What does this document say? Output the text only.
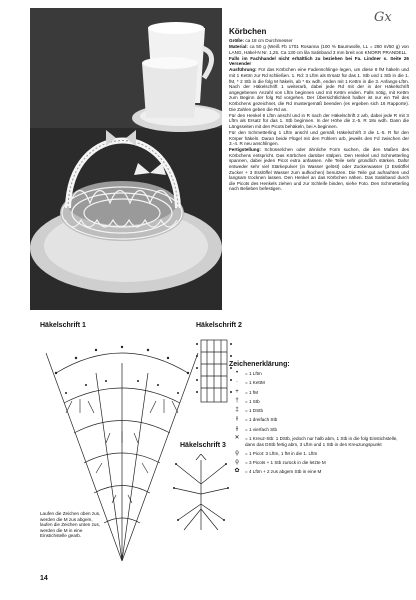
Gx
Körbchen
Größe: ca 18 cm Durchmesser
Material: ca 50 g (Weiß Fb 1701 Rosanna (100 % Baumwolle, LL = 280 m/50 g) von LANG, Häkel-N Nr. 1,25. Ca 130 cm lila Satinband 3 mm breit von KNORR PRANDELL
Falls im Fachhandel nicht erhältlich zu beziehen bei Fa. Lindner s. Seite 26 Versender
Ausführung: Für das Körbchen eine Fadenschlinge legen, um diese 8 fM häkeln und mit 1 Kettm zur Rd schließen. 1. Rd: 3 Lftm als Ersatz für das 1. Stb und 1 Stb in die 1. fM, * 2 Stb in die folg M häkeln, ab * 6x wdh, enden mit 1 Kettm in die 3. Anfangs-Lftm. Nach der Häkelschrift 1 weiterarb, dabei jede Rd mit der in der Häkelschrift angegebenen Anzahl von Lftm beginnen und mit Kettm enden. Falls nötig, mit Kettm zum Beginn der folg Rd vorgehen. Der Übersichtlichkeit halber ist nur ein Teil des Körbchens gezeichnet, die Rd mustergemäß beenden (es ergeben sich 16 Rapporte). Die Zahlen geben die Rd an.
Für den Henkel 8 Lftm anschl und in R nach der Häkelschrift 2 arb, dabei jede R mit 3 Lftm als Ersatz für das 1. Stb beginnen. In der Höhe die 2.-5. R 18x wdh. Dann die Längsseiten mit den Picots behäkeln, bei A beginnen.
Für den Schmetterling 1 Lftm anschl und gemäß Häkelschrift 3 die 1.-5. R für den Körper häkeln. Daran beide Flügel mit den Fühlern arb, jeweils den Fd zwischen der 3.-4. R neu anschlingen.
Fertigstellung: Schüsselchen oder ähnliche Form suchen, die den Maßen des Körbchens entspricht. Das Körbchen darüber stülpen. Den Henkel und Schmetterling spannen, dabei jeden Picot extra anfassen. Alle Teile sehr gründlich stärken. Dafür entweder sehr viel Stärkepulver (in Wasser gelöst) oder Zuckerwasser (3 Esslöffel Zucker + 3 Esslöffel Wasser zum aufkochen) benutzen. Die Teile gut aufrauhten und langsam trocknen lassen. Den Henkel an das Körbchen nähen. Das Satinband durch die Picots des Henkels ziehen und zur Schleife binden, siehe Foto. Den Schmetterling nach Belieben befestigen.
Häkelschrift 1	Häkelschrift 2
Häkelschrift 3
Laufen die Zeichen oben zus, werden die M zus abgem, laufen die Zeichen unten zus, werden die M in eine Einstichstelle gearb.
14
Zeichenerklärung:
•	= 1 Lftm
·	= 1 KettM
+	= 1 fM
†	= 1 Stb
‡	= 1 DStb
⫲	= 1 dreifach Stb
⫳	= 1 vierfach Stb
✕	= 1 Kreuz-Stb: 1 DStb, jedoch nur halb abm, 1 Stb in die folg Einstichstelle, dann das DStb fertig abm, 3 Lftm und 1 Stb in den Kreuzungspunkt
ϙ	= 1 Picot: 3 Lftm, 1 fM in die 1. Lftm
ϙ	= 3 Picots + 1 Stb zurück in die letzte M
✿	= 4 Lftm + 2 zus abgem Stb in eine M
